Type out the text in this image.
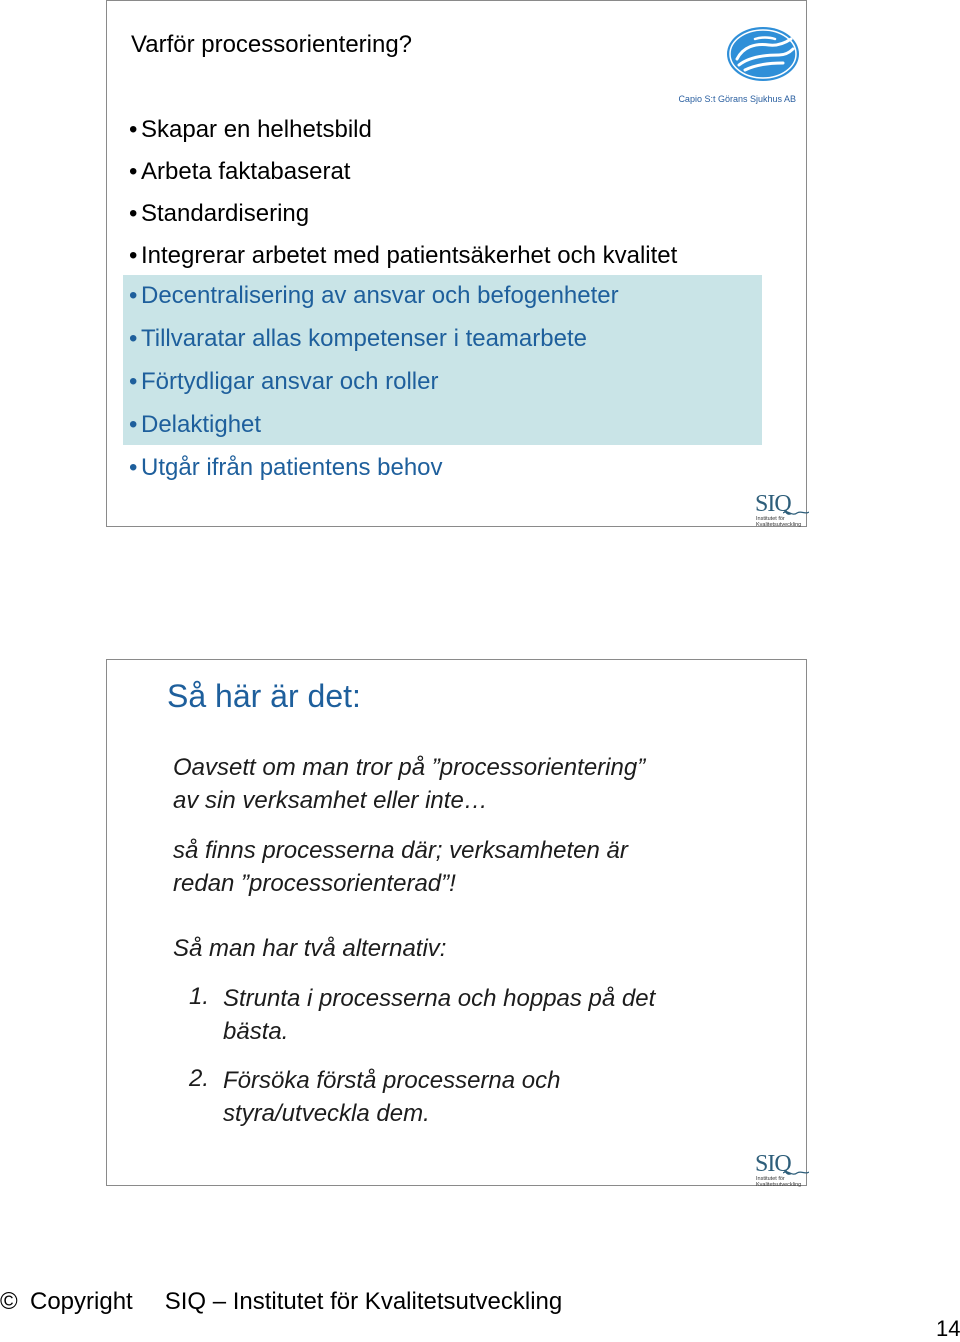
Varför processorientering?
Capio S:t Görans Sjukhus AB
• Skapar en helhetsbild
• Arbeta faktabaserat
• Standardisering
• Integrerar arbetet med patientsäkerhet och kvalitet
• Decentralisering av ansvar och befogenheter
• Tillvaratar allas kompetenser i teamarbete
• Förtydligar ansvar och roller
• Delaktighet
• Utgår ifrån patientens behov
SIQ
Institutet för
Kvalitetsutveckling
Så här är det:
Oavsett om man tror på ”processorientering”
av sin verksamhet eller inte…
så finns processerna där; verksamheten är
redan ”processorienterad”!
Så man har två alternativ:
1. Strunta i processerna och hoppas på det
bästa.
2. Försöka förstå processerna och
styra/utveckla dem.
SIQ
Institutet för
Kvalitetsutveckling
© Copyright SIQ – Institutet för Kvalitetsutveckling
14
